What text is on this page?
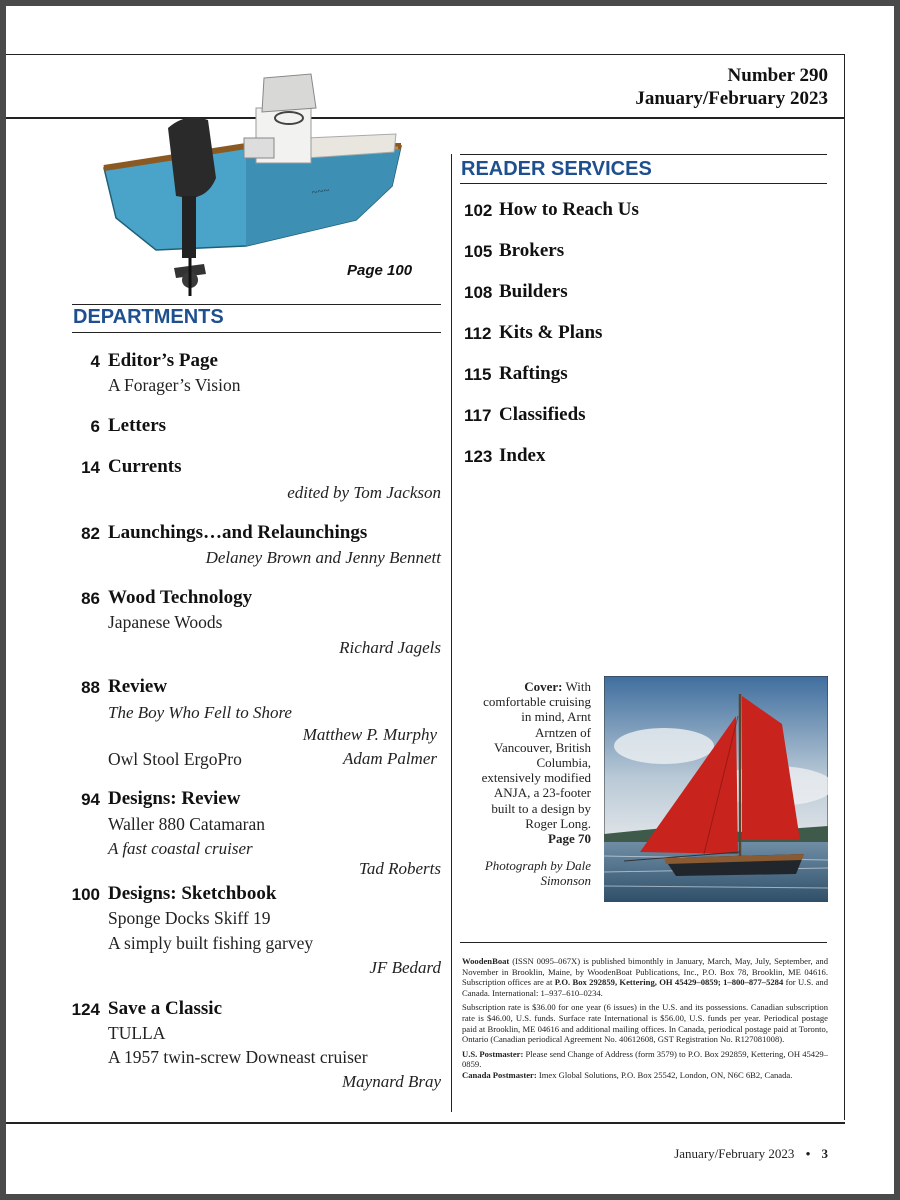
Number 290
January/February 2023
~~~
Page 100
DEPARTMENTS
4 Editor’s Page
A Forager’s Vision
6 Letters
14 Currents
edited by Tom Jackson
82 Launchings…and Relaunchings
Delaney Brown and Jenny Bennett
86 Wood Technology
Japanese Woods
Richard Jagels
88 Review
The Boy Who Fell to Shore
Matthew P. Murphy
Owl Stool ErgoPro	Adam Palmer
94 Designs: Review
Waller 880 Catamaran
A fast coastal cruiser
Tad Roberts
100 Designs: Sketchbook
Sponge Docks Skiff 19
A simply built fishing garvey
JF Bedard
124 Save a Classic
TULLA
A 1957 twin-screw Downeast cruiser
Maynard Bray
READER SERVICES
102 How to Reach Us
105 Brokers
108 Builders
112 Kits & Plans
115 Raftings
117 Classifieds
123 Index
Cover: With comfortable cruising in mind, Arnt Arntzen of Vancouver, British Columbia, extensively modified ANJA, a 23-footer built to a design by Roger Long.
Page 70

Photograph by Dale Simonson

WoodenBoat (ISSN 0095–067X) is published bimonthly in January, March, May, July, September, and November in Brooklin, Maine, by WoodenBoat Publications, Inc., P.O. Box 78, Brooklin, ME 04616. Subscription offices are at P.O. Box 292859, Kettering, OH 45429–0859; 1–800–877–5284 for U.S. and Canada. International: 1–937–610–0234.

Subscription rate is $36.00 for one year (6 issues) in the U.S. and its possessions. Canadian subscription rate is $46.00, U.S. funds. Surface rate International is $56.00, U.S. funds per year. Periodical postage paid at Brooklin, ME 04616 and additional mailing offices. In Canada, periodical postage paid at Toronto, Ontario (Canadian periodical Agreement No. 40612608, GST Registration No. R127081008).

U.S. Postmaster: Please send Change of Address (form 3579) to P.O. Box 292859, Kettering, OH 45429–0859.

Canada Postmaster: Imex Global Solutions, P.O. Box 25542, London, ON, N6C 6B2, Canada.

January/February 2023 • 3
